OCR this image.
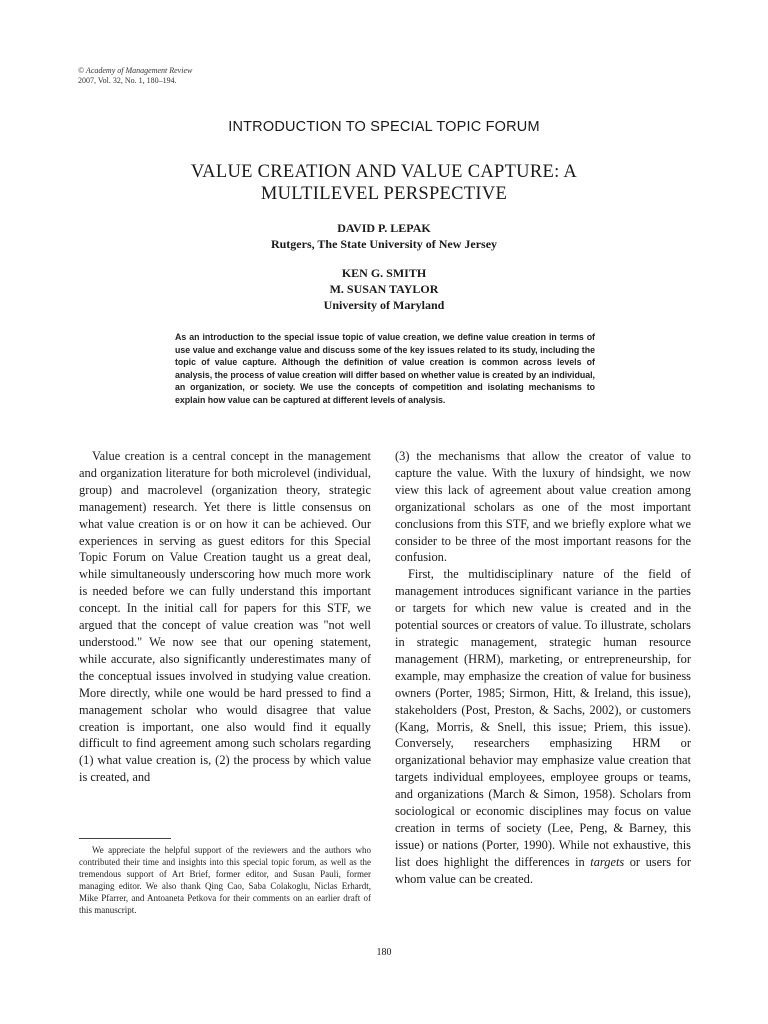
© Academy of Management Review
2007, Vol. 32, No. 1, 180–194.
INTRODUCTION TO SPECIAL TOPIC FORUM
VALUE CREATION AND VALUE CAPTURE: A MULTILEVEL PERSPECTIVE
DAVID P. LEPAK
Rutgers, The State University of New Jersey
KEN G. SMITH
M. SUSAN TAYLOR
University of Maryland
As an introduction to the special issue topic of value creation, we define value creation in terms of use value and exchange value and discuss some of the key issues related to its study, including the topic of value capture. Although the definition of value creation is common across levels of analysis, the process of value creation will differ based on whether value is created by an individual, an organization, or society. We use the concepts of competition and isolating mechanisms to explain how value can be captured at different levels of analysis.

Value creation is a central concept in the management and organization literature for both microlevel (individual, group) and macrolevel (organization theory, strategic management) research. Yet there is little consensus on what value creation is or on how it can be achieved. Our experiences in serving as guest editors for this Special Topic Forum on Value Creation taught us a great deal, while simultaneously underscoring how much more work is needed before we can fully understand this important concept. In the initial call for papers for this STF, we argued that the concept of value creation was "not well understood." We now see that our opening statement, while accurate, also significantly underestimates many of the conceptual issues involved in studying value creation. More directly, while one would be hard pressed to find a management scholar who would disagree that value creation is important, one also would find it equally difficult to find agreement among such scholars regarding (1) what value creation is, (2) the process by which value is created, and

(3) the mechanisms that allow the creator of value to capture the value. With the luxury of hindsight, we now view this lack of agreement about value creation among organizational scholars as one of the most important conclusions from this STF, and we briefly explore what we consider to be three of the most important reasons for the confusion.

First, the multidisciplinary nature of the field of management introduces significant variance in the parties or targets for which new value is created and in the potential sources or creators of value. To illustrate, scholars in strategic management, strategic human resource management (HRM), marketing, or entrepreneurship, for example, may emphasize the creation of value for business owners (Porter, 1985; Sirmon, Hitt, & Ireland, this issue), stakeholders (Post, Preston, & Sachs, 2002), or customers (Kang, Morris, & Snell, this issue; Priem, this issue). Conversely, researchers emphasizing HRM or organizational behavior may emphasize value creation that targets individual employees, employee groups or teams, and organizations (March & Simon, 1958). Scholars from sociological or economic disciplines may focus on value creation in terms of society (Lee, Peng, & Barney, this issue) or nations (Porter, 1990). While not exhaustive, this list does highlight the differences in targets or users for whom value can be created.

We appreciate the helpful support of the reviewers and the authors who contributed their time and insights into this special topic forum, as well as the tremendous support of Art Brief, former editor, and Susan Pauli, former managing editor. We also thank Qing Cao, Saba Colakoglu, Niclas Erhardt, Mike Pfarrer, and Antoaneta Petkova for their comments on an earlier draft of this manuscript.
180
